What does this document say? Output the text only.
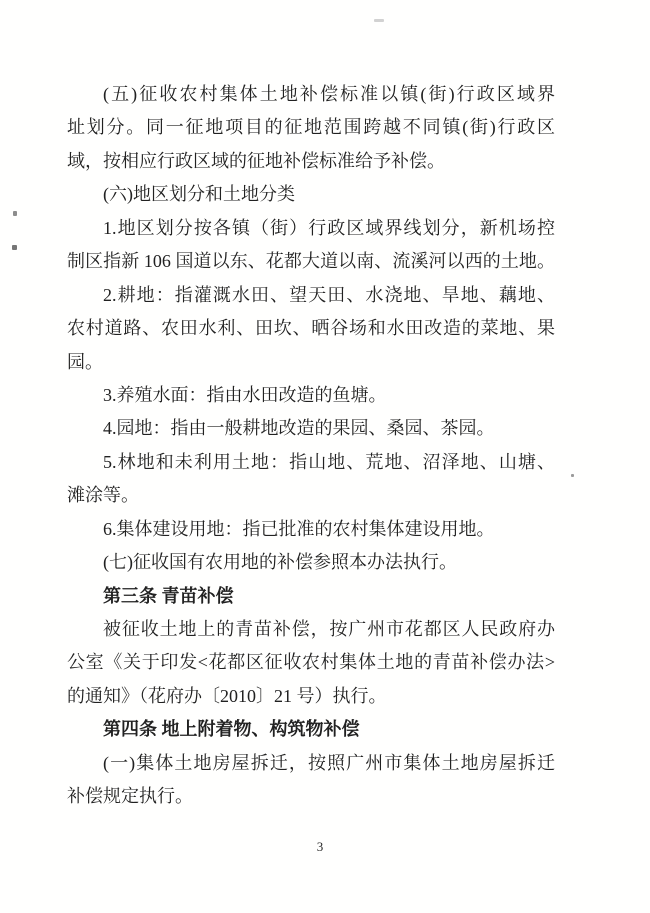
(五)征收农村集体土地补偿标准以镇(街)行政区域界
址划分。同一征地项目的征地范围跨越不同镇(街)行政区
域，按相应行政区域的征地补偿标准给予补偿。
(六)地区划分和土地分类
1.地区划分按各镇（街）行政区域界线划分，新机场控
制区指新 106 国道以东、花都大道以南、流溪河以西的土地。
2.耕地：指灌溉水田、望天田、水浇地、旱地、藕地、
农村道路、农田水利、田坎、晒谷场和水田改造的菜地、果
园。
3.养殖水面：指由水田改造的鱼塘。
4.园地：指由一般耕地改造的果园、桑园、茶园。
5.林地和未利用土地：指山地、荒地、沼泽地、山塘、
滩涂等。
6.集体建设用地：指已批准的农村集体建设用地。
(七)征收国有农用地的补偿参照本办法执行。
第三条 青苗补偿
被征收土地上的青苗补偿，按广州市花都区人民政府办
公室《关于印发<花都区征收农村集体土地的青苗补偿办法>
的通知》（花府办〔2010〕21 号）执行。
第四条 地上附着物、构筑物补偿
(一)集体土地房屋拆迁，按照广州市集体土地房屋拆迁
补偿规定执行。
3
